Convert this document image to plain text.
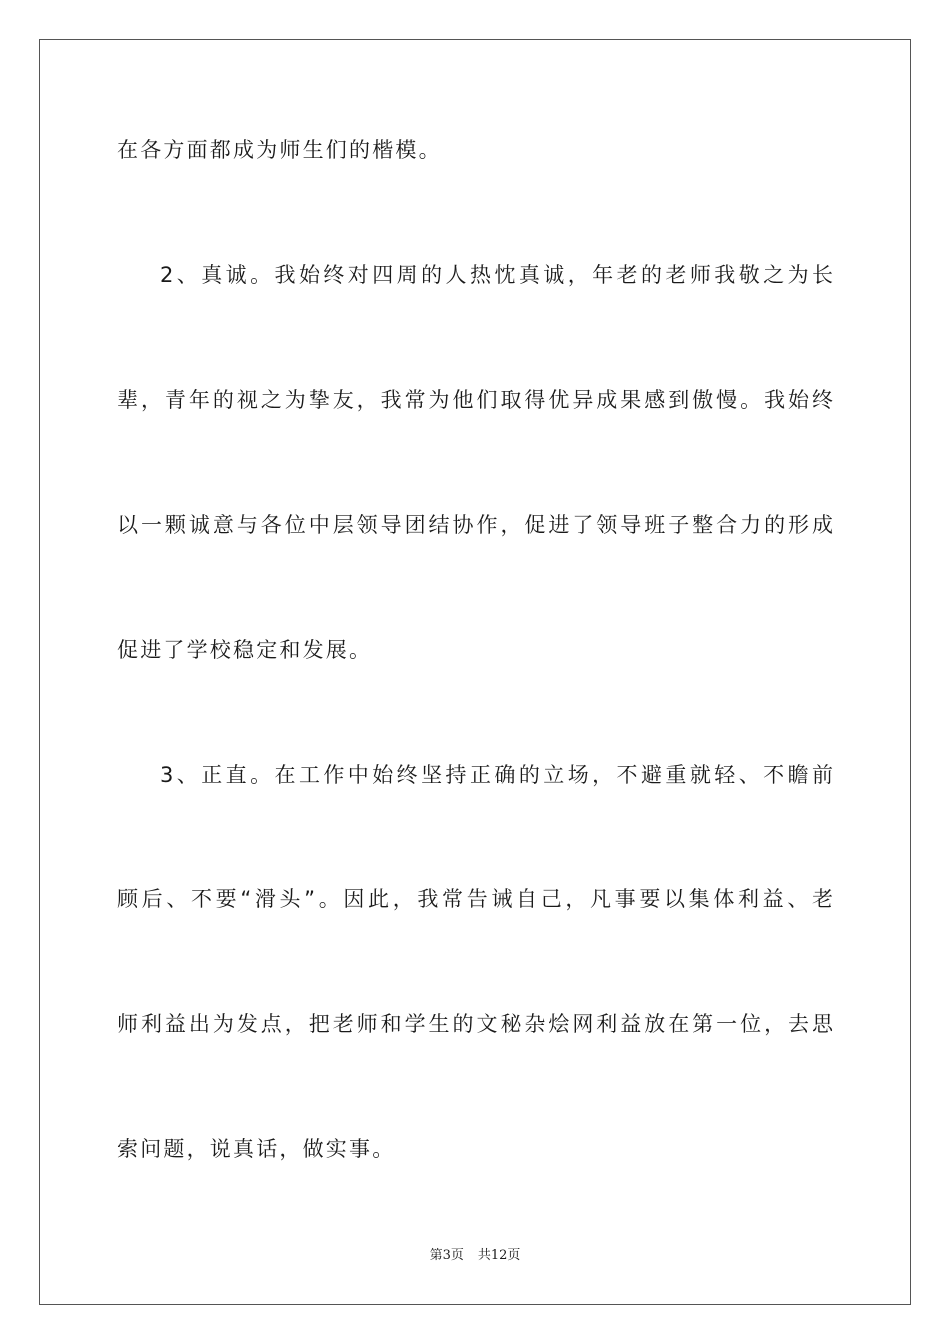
在各方面都成为师生们的楷模。
2、真诚。我始终对四周的人热忱真诚，年老的老师我敬之为长
辈，青年的视之为挚友，我常为他们取得优异成果感到傲慢。我始终
以一颗诚意与各位中层领导团结协作，促进了领导班子整合力的形成
促进了学校稳定和发展。
3、正直。在工作中始终坚持正确的立场，不避重就轻、不瞻前
顾后、不要“滑头”。因此，我常告诫自己，凡事要以集体利益、老
师利益出为发点，把老师和学生的文秘杂烩网利益放在第一位，去思
索问题，说真话，做实事。
第3页 共12页
